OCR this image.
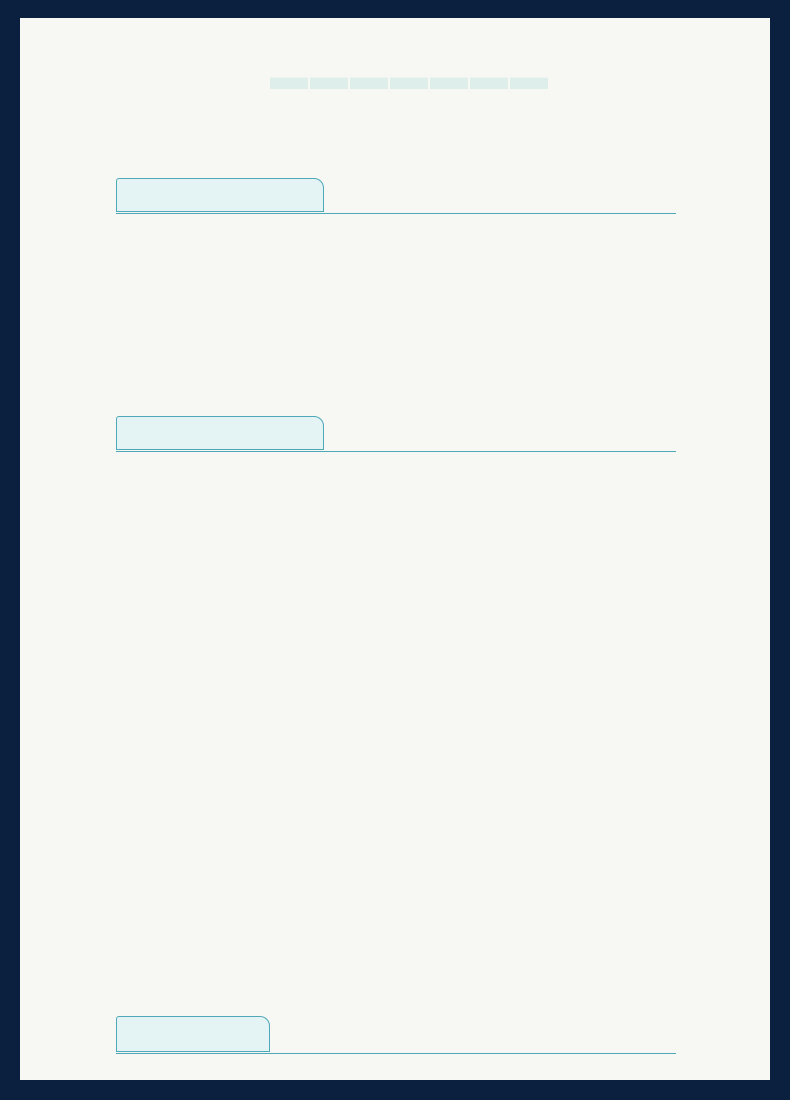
▬▬▬▬▬▬▬
